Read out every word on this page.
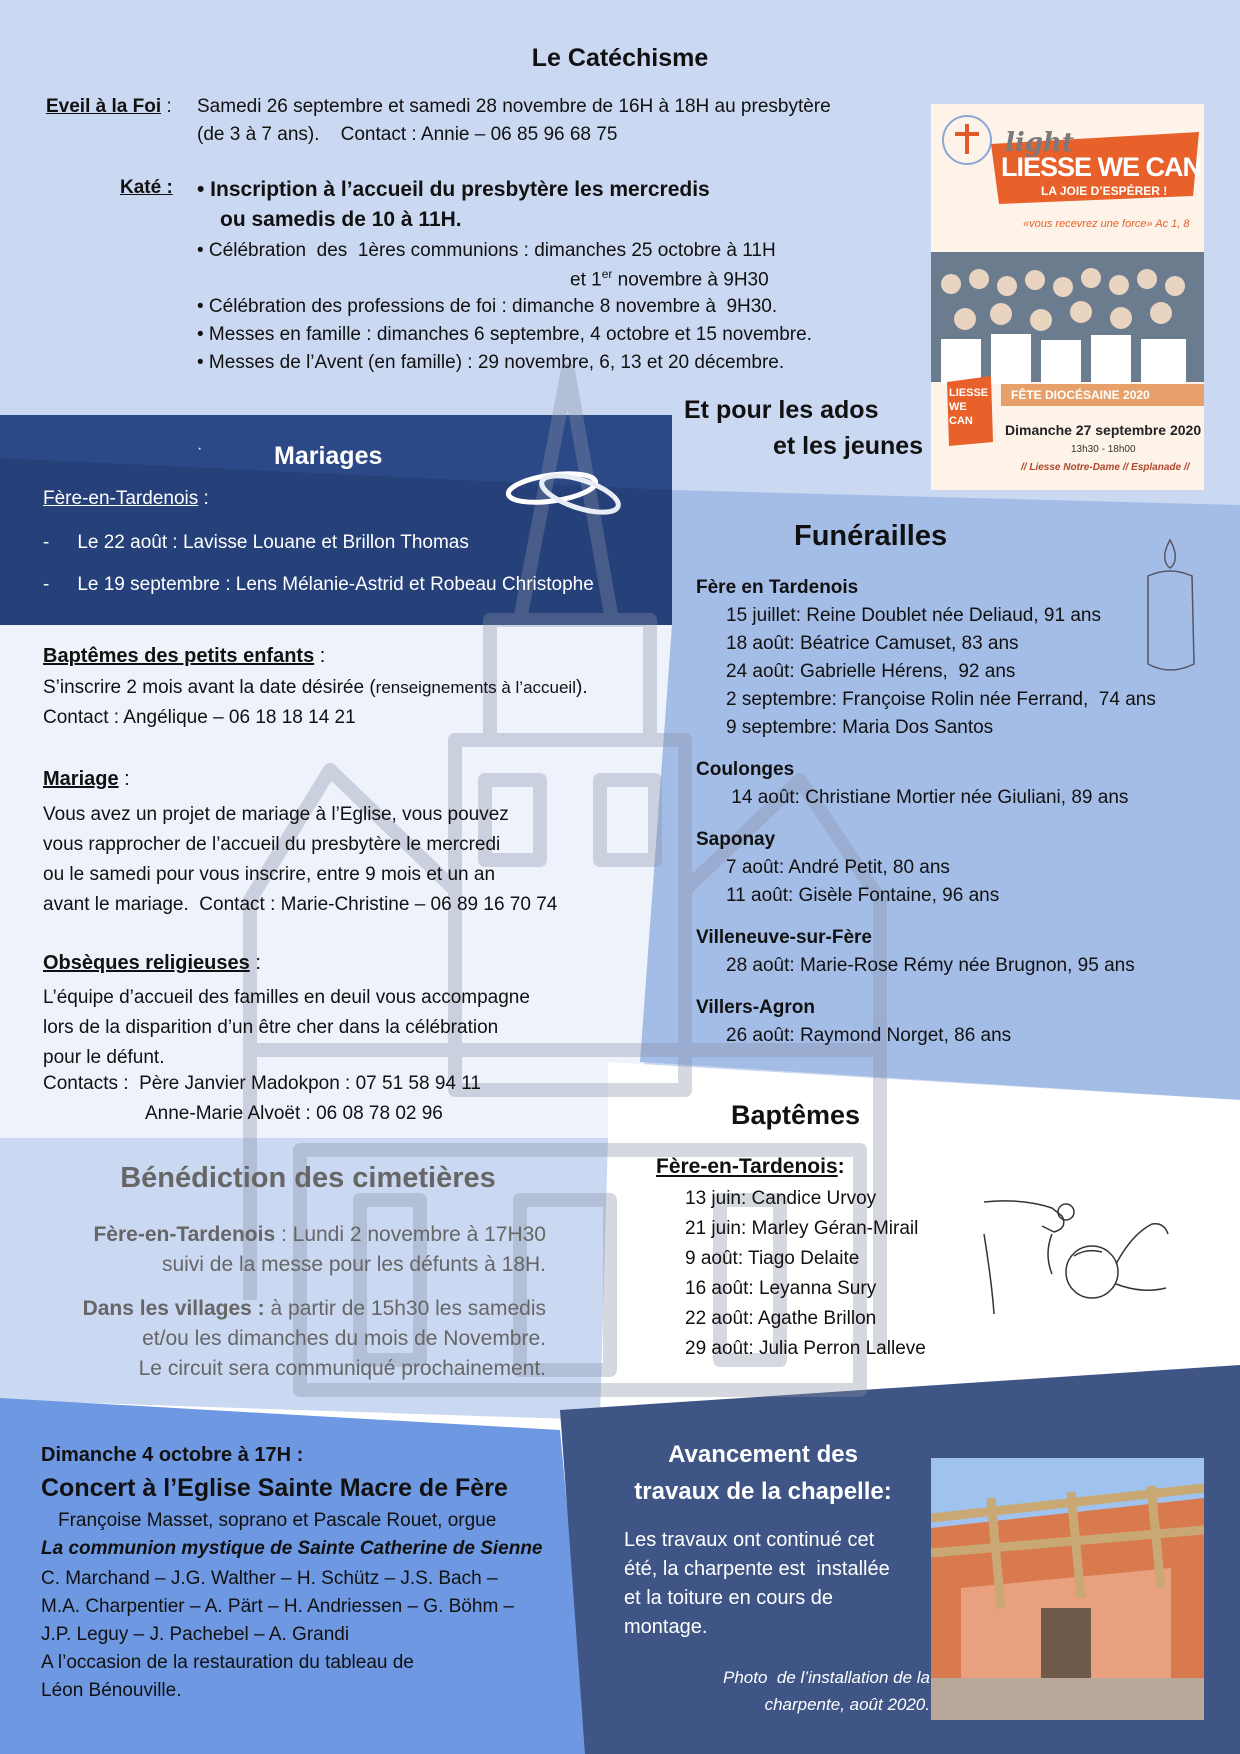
Le Catéchisme
Eveil à la Foi : Samedi 26 septembre et samedi 28 novembre de 16H à 18H au presbytère
(de 3 à 7 ans).    Contact : Annie – 06 85 96 68 75
Katé : • Inscription à l’accueil du presbytère les mercredis
ou samedis de 10 à 11H.
• Célébration  des  1ères communions : dimanches 25 octobre à 11H
et 1er novembre à 9H30
• Célébration des professions de foi : dimanche 8 novembre à  9H30.
• Messes en famille : dimanches 6 septembre, 4 octobre et 15 novembre.
• Messes de l’Avent (en famille) : 29 novembre, 6, 13 et 20 décembre.
light
LIESSE WE CAN
LA JOIE D’ESPÉRER !
«vous recevrez une force» Ac 1, 8
LIESSE WE CAN
FÊTE DIOCÉSAINE 2020
Dimanche 27 septembre 2020
13h30 - 18h00
// Liesse Notre-Dame // Esplanade //
Et pour les ados
et les jeunes
·	Mariages
Fère-en-Tardenois :
- Le 22 août : Lavisse Louane et Brillon Thomas
- Le 19 septembre : Lens Mélanie-Astrid et Robeau Christophe
Baptêmes des petits enfants :
S’inscrire 2 mois avant la date désirée (renseignements à l’accueil).
Contact : Angélique – 06 18 18 14 21
Mariage :
Vous avez un projet de mariage à l’Eglise, vous pouvez
vous rapprocher de l’accueil du presbytère le mercredi
ou le samedi pour vous inscrire, entre 9 mois et un an
avant le mariage.  Contact : Marie-Christine – 06 89 16 70 74
Obsèques religieuses :
L’équipe d’accueil des familles en deuil vous accompagne
lors de la disparition d’un être cher dans la célébration
pour le défunt.
Contacts :  Père Janvier Madokpon : 07 51 58 94 11
Anne-Marie Alvoët : 06 08 78 02 96
Funérailles
Fère en Tardenois
15 juillet: Reine Doublet née Deliaud, 91 ans
18 août: Béatrice Camuset, 83 ans
24 août: Gabrielle Hérens,  92 ans
2 septembre: Françoise Rolin née Ferrand,  74 ans
9 septembre: Maria Dos Santos
Coulonges
14 août: Christiane Mortier née Giuliani, 89 ans
Saponay
7 août: André Petit, 80 ans
11 août: Gisèle Fontaine, 96 ans
Villeneuve-sur-Fère
28 août: Marie-Rose Rémy née Brugnon, 95 ans
Villers-Agron
26 août: Raymond Norget, 86 ans
Bénédiction des cimetières
Fère-en-Tardenois : Lundi 2 novembre à 17H30
suivi de la messe pour les défunts à 18H.
Dans les villages : à partir de 15h30 les samedis
et/ou les dimanches du mois de Novembre.
Le circuit sera communiqué prochainement.
Baptêmes
Fère-en-Tardenois:
13 juin: Candice Urvoy
21 juin: Marley Géran-Mirail
9 août: Tiago Delaite
16 août: Leyanna Sury
22 août: Agathe Brillon
29 août: Julia Perron Lalleve
Dimanche 4 octobre à 17H :
Concert à l’Eglise Sainte Macre de Fère
Françoise Masset, soprano et Pascale Rouet, orgue
La communion mystique de Sainte Catherine de Sienne
C. Marchand – J.G. Walther – H. Schütz – J.S. Bach –
M.A. Charpentier – A. Pärt – H. Andriessen – G. Böhm –
J.P. Leguy – J. Pachebel – A. Grandi
A l’occasion de la restauration du tableau de
Léon Bénouville.
Avancement des
travaux de la chapelle:
Les travaux ont continué cet
été, la charpente est  installée
et la toiture en cours de
montage.
Photo  de l’installation de la
charpente, août 2020.
